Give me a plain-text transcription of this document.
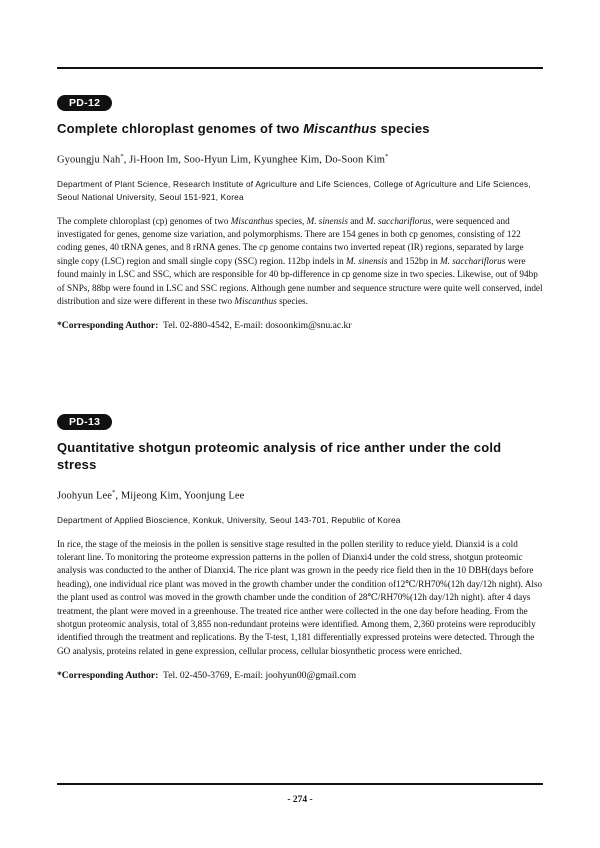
PD-12
Complete chloroplast genomes of two Miscanthus species
Gyoungju Nah*, Ji-Hoon Im, Soo-Hyun Lim, Kyunghee Kim, Do-Soon Kim*
Department of Plant Science, Research Institute of Agriculture and Life Sciences, College of Agriculture and Life Sciences, Seoul National University, Seoul 151-921, Korea
The complete chloroplast (cp) genomes of two Miscanthus species, M. sinensis and M. sacchariflorus, were sequenced and investigated for genes, genome size variation, and polymorphisms. There are 154 genes in both cp genomes, consisting of 122 coding genes, 40 tRNA genes, and 8 rRNA genes. The cp genome contains two inverted repeat (IR) regions, separated by large single copy (LSC) region and small single copy (SSC) region. 112bp indels in M. sinensis and 152bp in M. sacchariflorus were found mainly in LSC and SSC, which are responsible for 40 bp-difference in cp genome size in two species. Likewise, out of 94bp of SNPs, 88bp were found in LSC and SSC regions. Although gene number and sequence structure were quite well conserved, indel distribution and size were different in these two Miscanthus species.
*Corresponding Author: Tel. 02-880-4542, E-mail: dosoonkim@snu.ac.kr
PD-13
Quantitative shotgun proteomic analysis of rice anther under the cold stress
Joohyun Lee*, Mijeong Kim, Yoonjung Lee
Department of Applied Bioscience, Konkuk, University, Seoul 143-701, Republic of Korea
In rice, the stage of the meiosis in the pollen is sensitive stage resulted in the pollen sterility to reduce yield. Dianxi4 is a cold tolerant line. To monitoring the proteome expression patterns in the pollen of Dianxi4 under the cold stress, shotgun proteomic analysis was conducted to the anther of Dianxi4. The rice plant was grown in the peedy rice field then in the 10 DBH(days before heading), one individual rice plant was moved in the growth chamber under the condition of12℃/RH70%(12h day/12h night). Also the plant used as control was moved in the growth chamber unde the condition of 28℃/RH70%(12h day/12h night). after 4 days treatment, the plant were moved in a greenhouse. The treated rice anther were collected in the one day before heading. From the shotgun proteomic analysis, total of 3,855 non-redundant proteins were identified. Among them, 2,360 proteins were reproducibly identified through the treatment and replications. By the T-test, 1,181 differentially expressed proteins were detected. Through the GO analysis, proteins related in gene expression, cellular process, cellular biosynthetic process were enriched.
*Corresponding Author: Tel. 02-450-3769, E-mail: joohyun00@gmail.com
- 274 -
